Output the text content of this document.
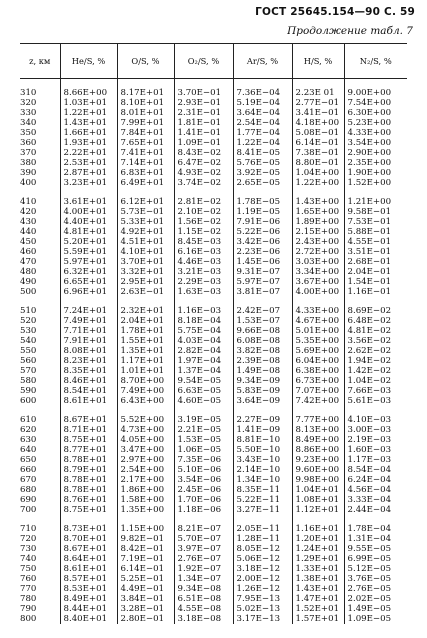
ГОСТ 25645.154—90 С. 59
Продолжение табл. 7
z, км	He/S, %	O/S, %	O₂/S, %	Ar/S, %	H/S, %	N₂/S, %

310	8.66E+00	8.17E+01	3.70E−01	7.36E−04	2.23E 01	9.00E+00
320	1.03E+01	8.10E+01	2.93E−01	5.19E−04	2.77E−01	7.54E+00
330	1.22E+01	8.01E+01	2.31E−01	3.64E−04	3.41E−01	6.30E+00
340	1.43E+01	7.99E+01	1.81E−01	2.54E−04	4.18E+00	5.23E+00
350	1.66E+01	7.84E+01	1.41E−01	1.77E−04	5.08E−01	4.33E+00
360	1.93E+01	7.65E+01	1.09E−01	1.22E−04	6.14E−01	3.54E+00
370	2.22E+01	7.41E+01	8.43E−02	8.41E−05	7.38E−01	2.90E+00
380	2.53E+01	7.14E+01	6.47E−02	5.76E−05	8.80E−01	2.35E+00
390	2.87E+01	6.83E+01	4.93E−02	3.92E−05	1.04E+00	1.90E+00
400	3.23E+01	6.49E+01	3.74E−02	2.65E−05	1.22E+00	1.52E+00

410	3.61E+01	6.12E+01	2.81E−02	1.78E−05	1.43E+00	1.21E+00
420	4.00E+01	5.73E−01	2.10E−02	1.19E−05	1.65E+00	9.58E−01
430	4.40E+01	5.33E+01	1.56E−02	7.91E−06	1.89E+00	7.53E−01
440	4.81E+01	4.92E+01	1.15E−02	5.22E−06	2.15E+00	5.88E−01
450	5.20E+01	4.51E+01	8.45E−03	3.42E−06	2.43E+00	4.55E−01
460	5.59E+01	4.10E+01	6.16E−03	2.23E−06	2.72E+00	3.51E−01
470	5.97E+01	3.70E+01	4.46E−03	1.45E−06	3.03E+00	2.68E−01
480	6.32E+01	3.32E+01	3.21E−03	9.31E−07	3.34E+00	2.04E−01
490	6.65E+01	2.95E+01	2.29E−03	5.97E−07	3.67E+00	1.54E−01
500	6.96E+01	2.63E−01	1.63E−03	3.81E−07	4.00E+00	1.16E−01

510	7.24E+01	2.32E+01	1.16E−03	2.42E−07	4.33E+00	8.69E−02
520	7.49E+01	2.04E+01	8.18E−04	1.53E−07	4.67E+00	6.48E−02
530	7.71E+01	1.78E+01	5.75E−04	9.66E−08	5.01E+00	4.81E−02
540	7.91E+01	1.55E+01	4.03E−04	6.08E−08	5.35E+00	3.56E−02
550	8.08E+01	1.35E+01	2.82E−04	3.82E−08	5.69E+00	2.62E−02
560	8.23E+01	1.17E+01	1.97E−04	2.39E−08	6.04E+00	1.94E−02
570	8.35E+01	1.01E+01	1.37E−04	1.49E−08	6.38E+00	1.42E−02
580	8.46E+01	8.70E+00	9.54E−05	9.34E−09	6.73E+00	1.04E−02
590	8.54E+01	7.49E+00	6.63E−05	5.83E−09	7.07E+00	7.66E−03
600	8.61E+01	6.43E+00	4.60E−05	3.64E−09	7.42E+00	5.61E−03

610	8.67E+01	5.52E+00	3.19E−05	2.27E−09	7.77E+00	4.10E−03
620	8.71E+01	4.73E+00	2.21E−05	1.41E−09	8.13E+00	3.00E−03
630	8.75E+01	4.05E+00	1.53E−05	8.81E−10	8.49E+00	2.19E−03
640	8.77E+01	3.47E+00	1.06E−05	5.50E−10	8.86E+00	1.60E−03
650	8.78E+01	2.97E+00	7.35E−06	3.43E−10	9.23E+00	1.17E−03
660	8.79E+01	2.54E+00	5.10E−06	2.14E−10	9.60E+00	8.54E−04
670	8.78E+01	2.17E+00	3.54E−06	1.34E−10	9.98E+00	6.24E−04
680	8.78E+01	1.86E+00	2.45E−06	8.35E−11	1.04E+01	4.56E−04
690	8.76E+01	1.58E+00	1.70E−06	5.22E−11	1.08E+01	3.33E−04
700	8.75E+01	1.35E+00	1.18E−06	3.27E−11	1.12E+01	2.44E−04

710	8.73E+01	1.15E+00	8.21E−07	2.05E−11	1.16E+01	1.78E−04
720	8.70E+01	9.82E−01	5.70E−07	1.28E−11	1.20E+01	1.31E−04
730	8.67E+01	8.42E−01	3.97E−07	8.05E−12	1.24E+01	9.55E−05
740	8.64E+01	7.19E−01	2.76E−07	5.06E−12	1.29E+01	6.99E−05
750	8.61E+01	6.14E−01	1.92E−07	3.18E−12	1.33E+01	5.12E−05
760	8.57E+01	5.25E−01	1.34E−07	2.00E−12	1.38E+01	3.76E−05
770	8.53E+01	4.49E−01	9.34E−08	1.26E−12	1.43E+01	2.76E−05
780	8.49E+01	3.84E−01	6.51E−08	7.95E−13	1.47E+01	2.02E−05
790	8.44E+01	3.28E−01	4.55E−08	5.02E−13	1.52E+01	1.49E−05
800	8.40E+01	2.80E−01	3.18E−08	3.17E−13	1.57E+01	1.09E−05
